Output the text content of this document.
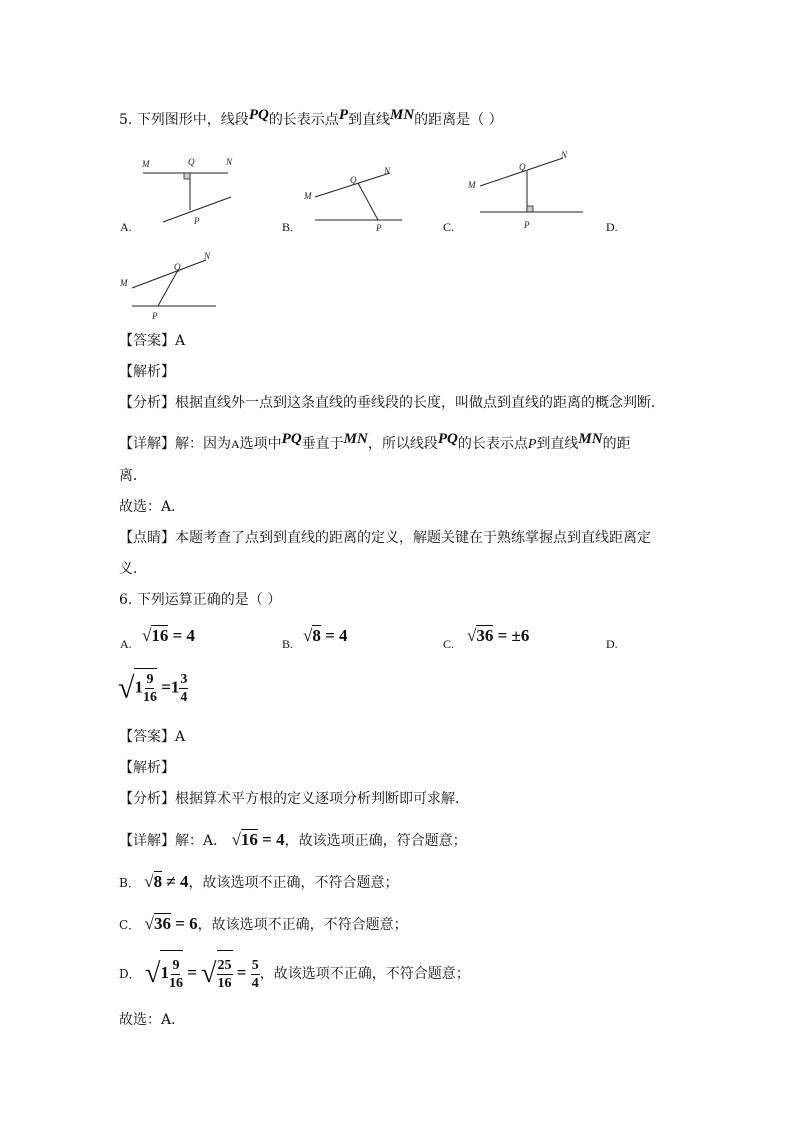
5. 下列图形中，线段PQ的长表示点P到直线MN的距离是（ ）
M	Q	N
P
A.
M
Q
N
P
B.
M
Q
N
P
C.	D.
M
Q
N
P
【答案】A
【解析】
【分析】根据直线外一点到这条直线的垂线段的长度，叫做点到直线的距离的概念判断．
【详解】解：因为A选项中PQ垂直于MN，所以线段PQ的长表示点P到直线MN的距
离．
故选：A．
【点睛】本题考查了点到到直线的距离的定义，解题关键在于熟练掌握点到直线距离定
义．
6. 下列运算正确的是（ ）
A. √16 = 4	B. √8 = 4	C. √36 = ±6	D.
$√1 \frac{9}{16} =1 \frac{3}{4}$
【答案】A
【解析】
【分析】根据算术平方根的定义逐项分析判断即可求解．
【详解】解：A． √16 = 4，故该选项正确，符合题意；
B． √8 ≠ 4，故该选项不正确，不符合题意；
C． √36 = 6，故该选项不正确，不符合题意；
D． $√1 \frac{9}{16}$ = √ $\frac{25}{16} = \frac{5}{4}$ ，故该选项不正确，不符合题意；
故选：A．
